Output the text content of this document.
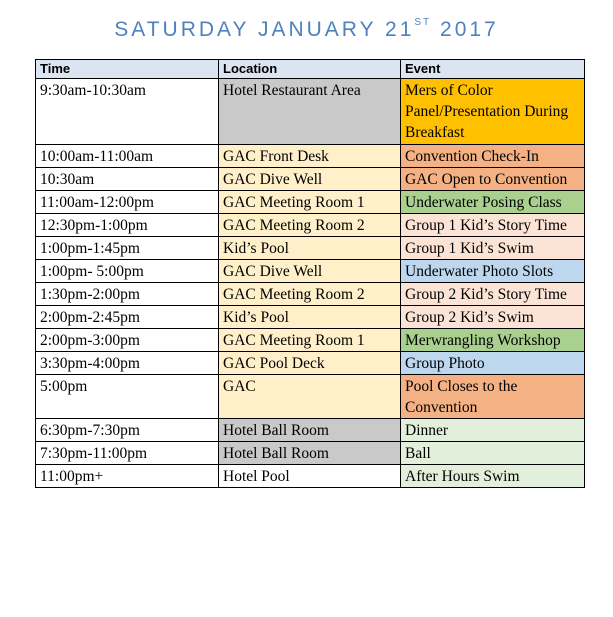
SATURDAY JANUARY 21ST 2017
Time	Location	Event
9:30am-10:30am	Hotel Restaurant Area	Mers of Color Panel/Presentation During Breakfast
10:00am-11:00am	GAC Front Desk	Convention Check-In
10:30am	GAC Dive Well	GAC Open to Convention
11:00am-12:00pm	GAC Meeting Room 1	Underwater Posing Class
12:30pm-1:00pm	GAC Meeting Room 2	Group 1 Kid’s Story Time
1:00pm-1:45pm	Kid’s Pool	Group 1 Kid’s Swim
1:00pm- 5:00pm	GAC Dive Well	Underwater Photo Slots
1:30pm-2:00pm	GAC Meeting Room 2	Group 2 Kid’s Story Time
2:00pm-2:45pm	Kid’s Pool	Group 2 Kid’s Swim
2:00pm-3:00pm	GAC Meeting Room 1	Merwrangling Workshop
3:30pm-4:00pm	GAC Pool Deck	Group Photo
5:00pm	GAC	Pool Closes to the Convention
6:30pm-7:30pm	Hotel Ball Room	Dinner
7:30pm-11:00pm	Hotel Ball Room	Ball
11:00pm+	Hotel Pool	After Hours Swim
